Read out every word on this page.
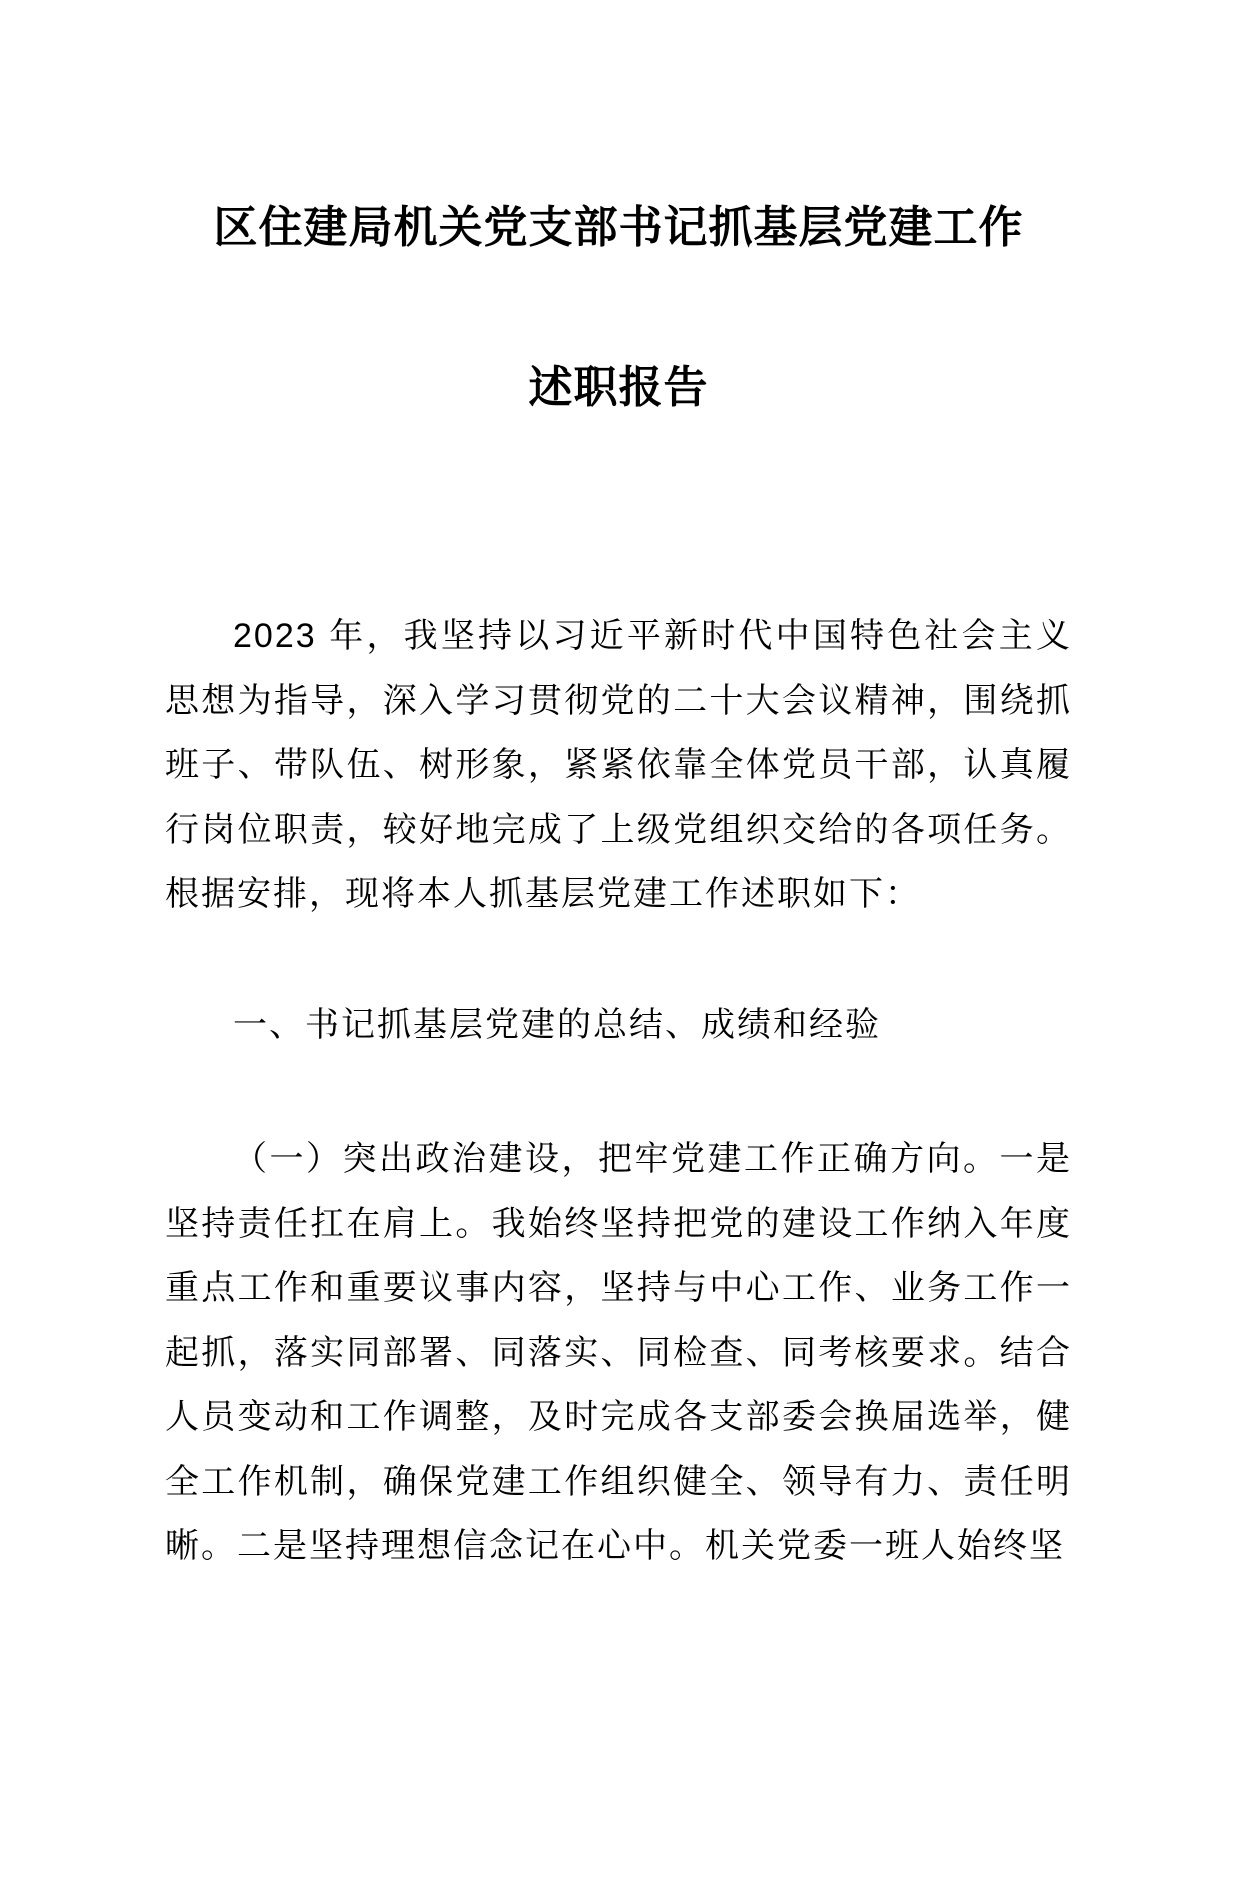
区住建局机关党支部书记抓基层党建工作
述职报告

2023 年，我坚持以习近平新时代中国特色社会主义思想为指导，深入学习贯彻党的二十大会议精神，围绕抓班子、带队伍、树形象，紧紧依靠全体党员干部，认真履行岗位职责，较好地完成了上级党组织交给的各项任务。根据安排，现将本人抓基层党建工作述职如下：

一、书记抓基层党建的总结、成绩和经验

（一）突出政治建设，把牢党建工作正确方向。一是坚持责任扛在肩上。我始终坚持把党的建设工作纳入年度重点工作和重要议事内容，坚持与中心工作、业务工作一起抓，落实同部署、同落实、同检查、同考核要求。结合人员变动和工作调整，及时完成各支部委会换届选举，健全工作机制，确保党建工作组织健全、领导有力、责任明晰。二是坚持理想信念记在心中。机关党委一班人始终坚
